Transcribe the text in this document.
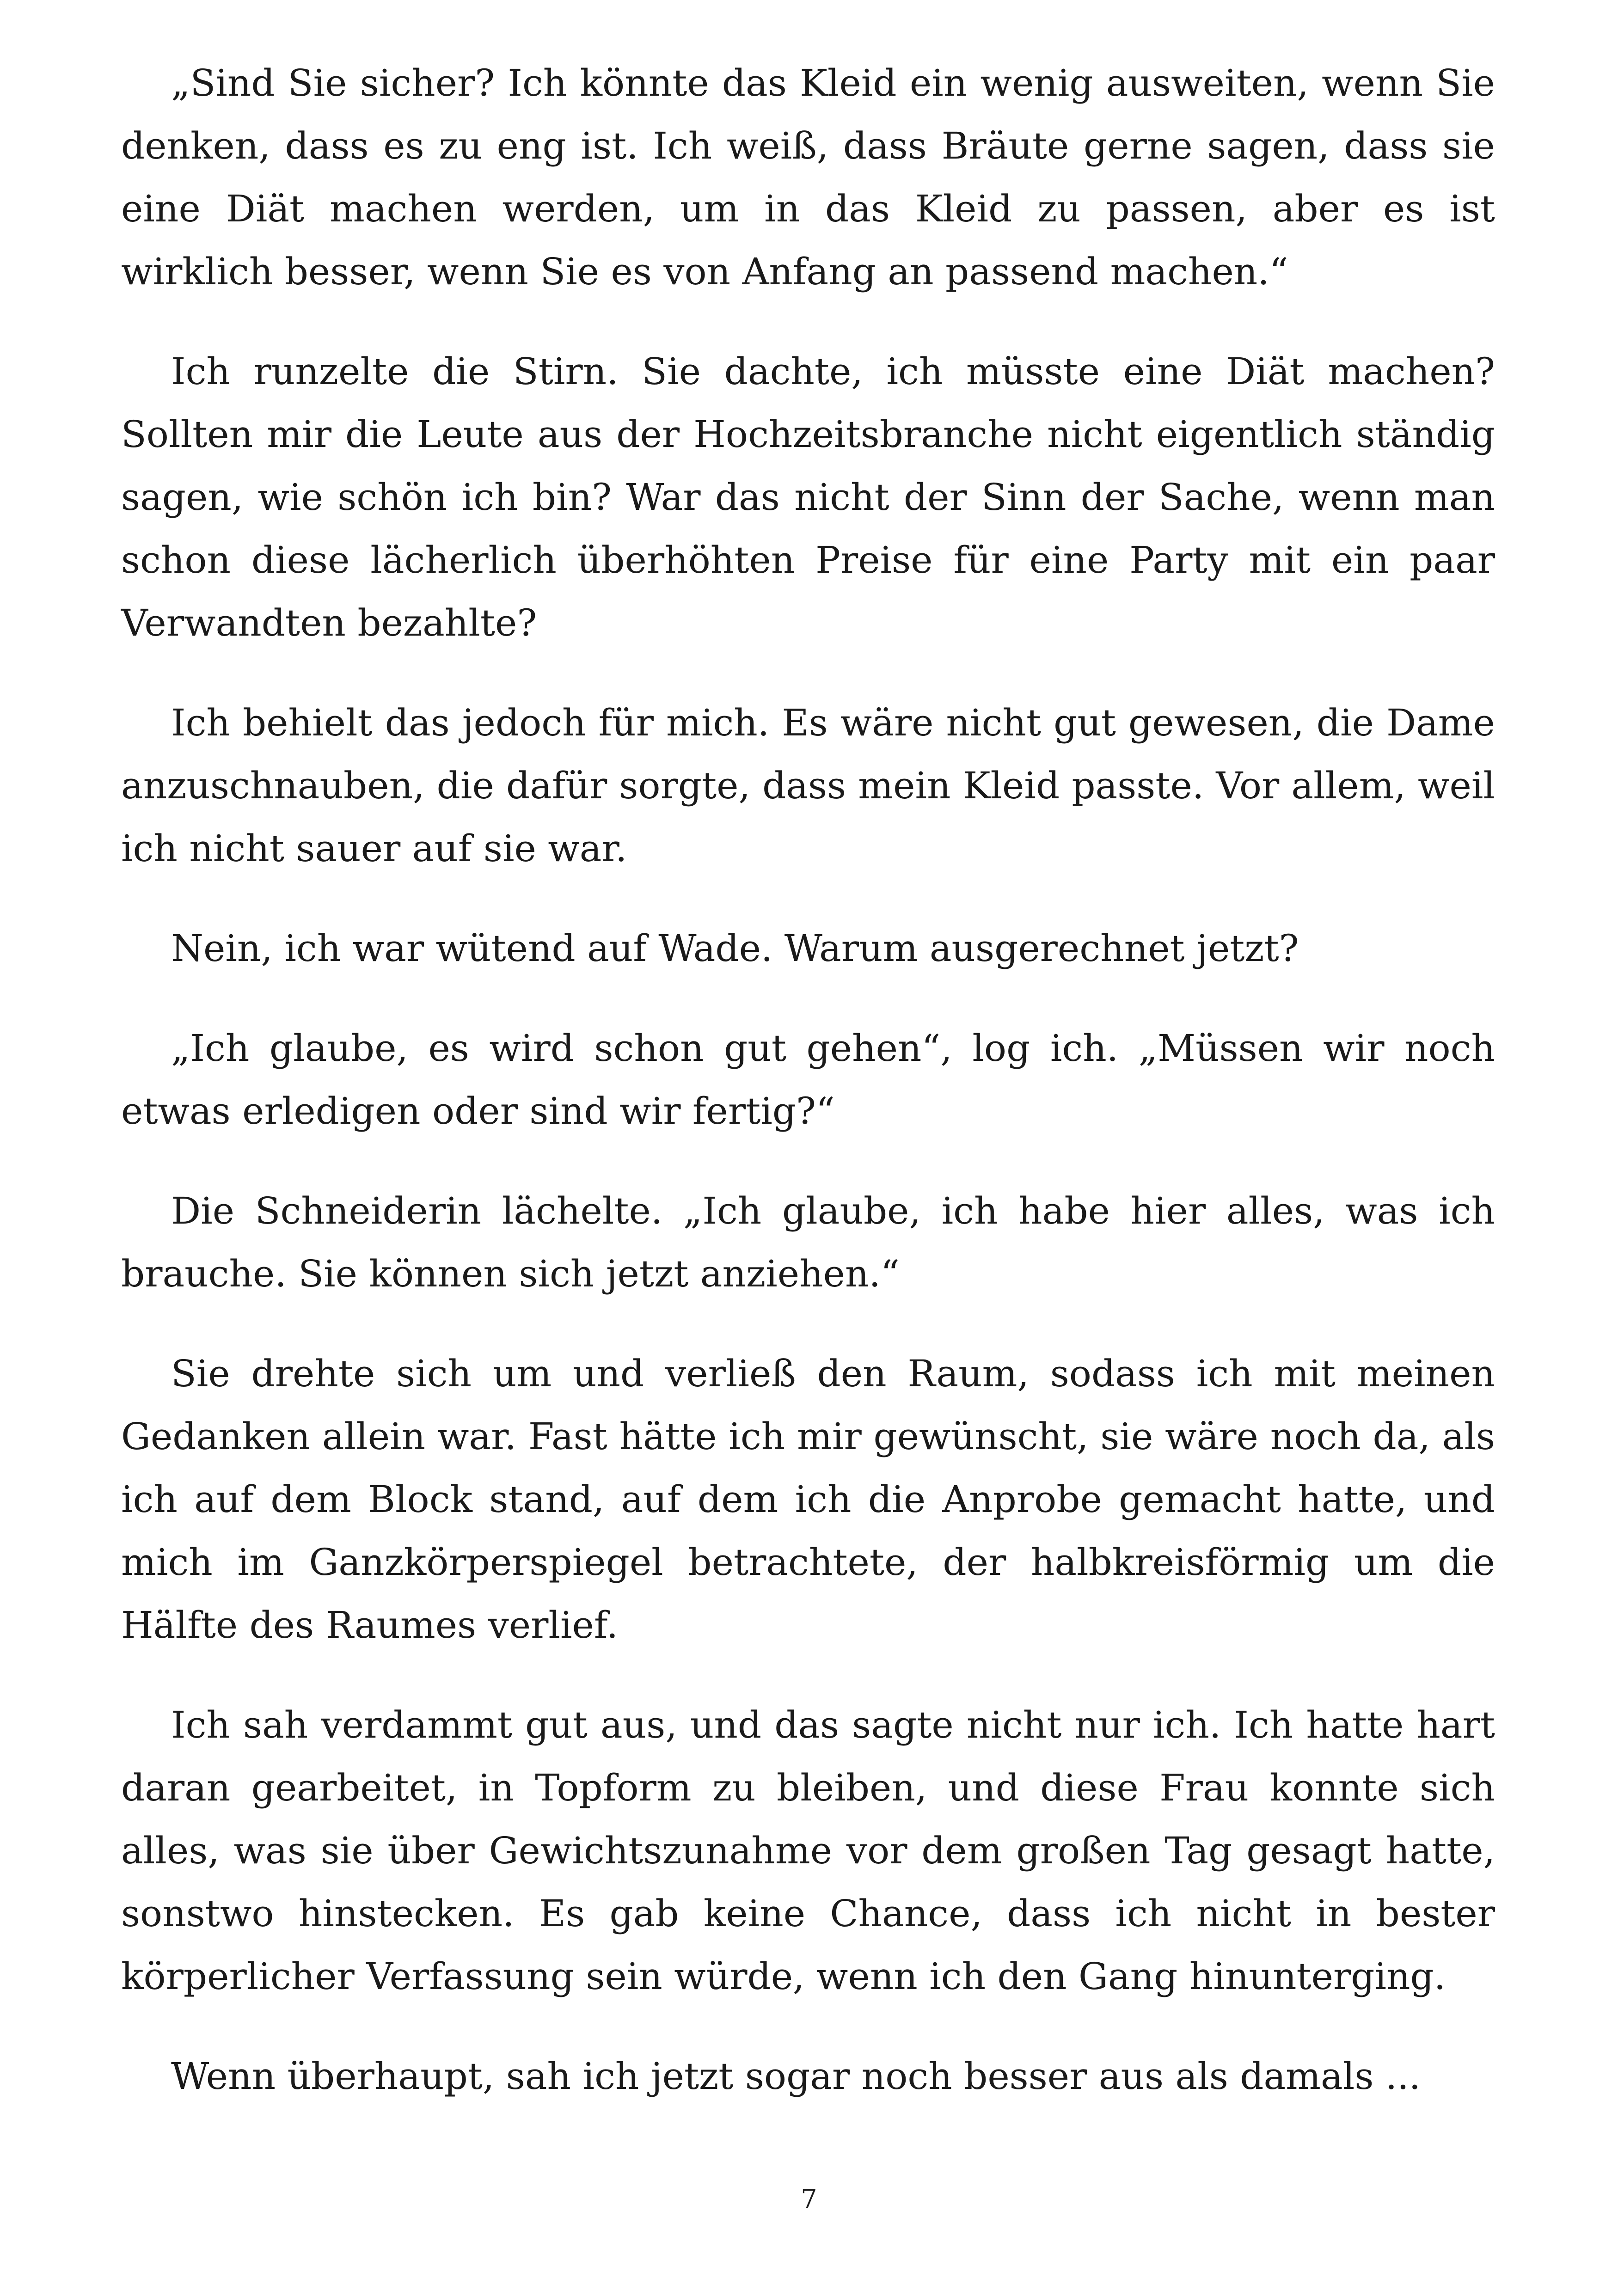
„Sind Sie sicher? Ich könnte das Kleid ein wenig ausweiten, wenn Sie denken, dass es zu eng ist. Ich weiß, dass Bräute gerne sagen, dass sie eine Diät machen werden, um in das Kleid zu passen, aber es ist wirklich besser, wenn Sie es von Anfang an passend machen.“

Ich runzelte die Stirn. Sie dachte, ich müsste eine Diät machen? Sollten mir die Leute aus der Hochzeitsbranche nicht eigentlich ständig sagen, wie schön ich bin? War das nicht der Sinn der Sache, wenn man schon diese lächerlich überhöhten Preise für eine Party mit ein paar Verwandten bezahlte?

Ich behielt das jedoch für mich. Es wäre nicht gut gewesen, die Dame anzuschnauben, die dafür sorgte, dass mein Kleid passte. Vor allem, weil ich nicht sauer auf sie war.

Nein, ich war wütend auf Wade. Warum ausgerechnet jetzt?

„Ich glaube, es wird schon gut gehen“, log ich. „Müssen wir noch etwas erledigen oder sind wir fertig?“

Die Schneiderin lächelte. „Ich glaube, ich habe hier alles, was ich brauche. Sie können sich jetzt anziehen.“

Sie drehte sich um und verließ den Raum, sodass ich mit meinen Gedanken allein war. Fast hätte ich mir gewünscht, sie wäre noch da, als ich auf dem Block stand, auf dem ich die Anprobe gemacht hatte, und mich im Ganzkörperspiegel betrachtete, der halbkreisförmig um die Hälfte des Raumes verlief.

Ich sah verdammt gut aus, und das sagte nicht nur ich. Ich hatte hart daran gearbeitet, in Topform zu bleiben, und diese Frau konnte sich alles, was sie über Gewichtszunahme vor dem großen Tag gesagt hatte, sonstwo hinstecken. Es gab keine Chance, dass ich nicht in bester körperlicher Verfassung sein würde, wenn ich den Gang hinunterging.

Wenn überhaupt, sah ich jetzt sogar noch besser aus als damals ...

7
